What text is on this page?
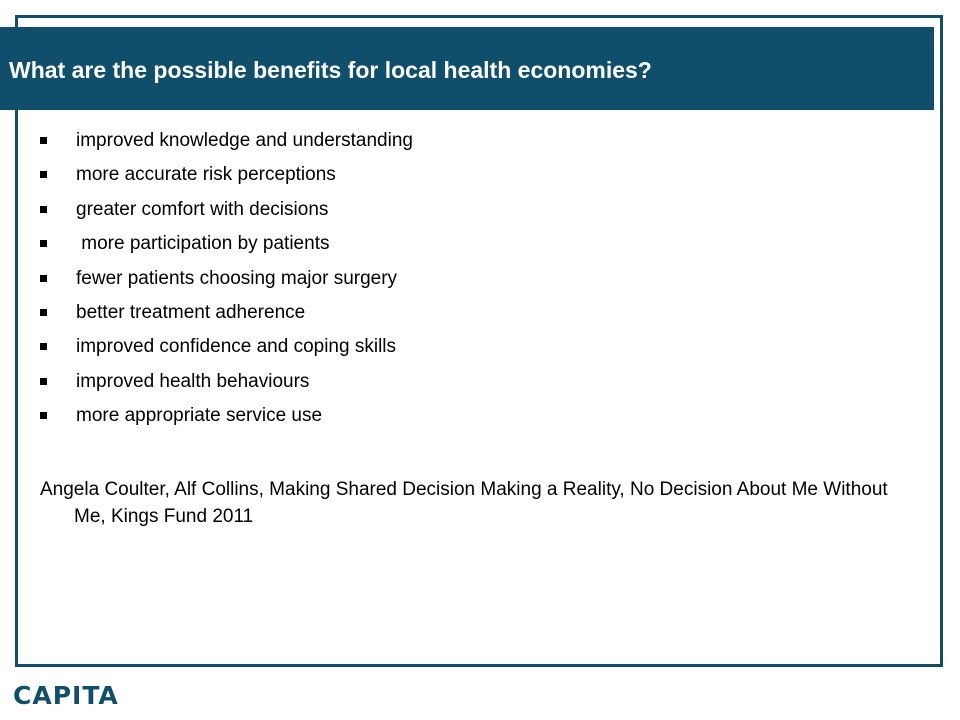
What are the possible benefits for local health economies?

improved knowledge and understanding

more accurate risk perceptions

greater comfort with decisions

more participation by patients

fewer patients choosing major surgery

better treatment adherence

improved confidence and coping skills

improved health behaviours

more appropriate service use

Angela Coulter, Alf Collins, Making Shared Decision Making a Reality, No Decision About Me Without Me, Kings Fund 2011

CAPITA
